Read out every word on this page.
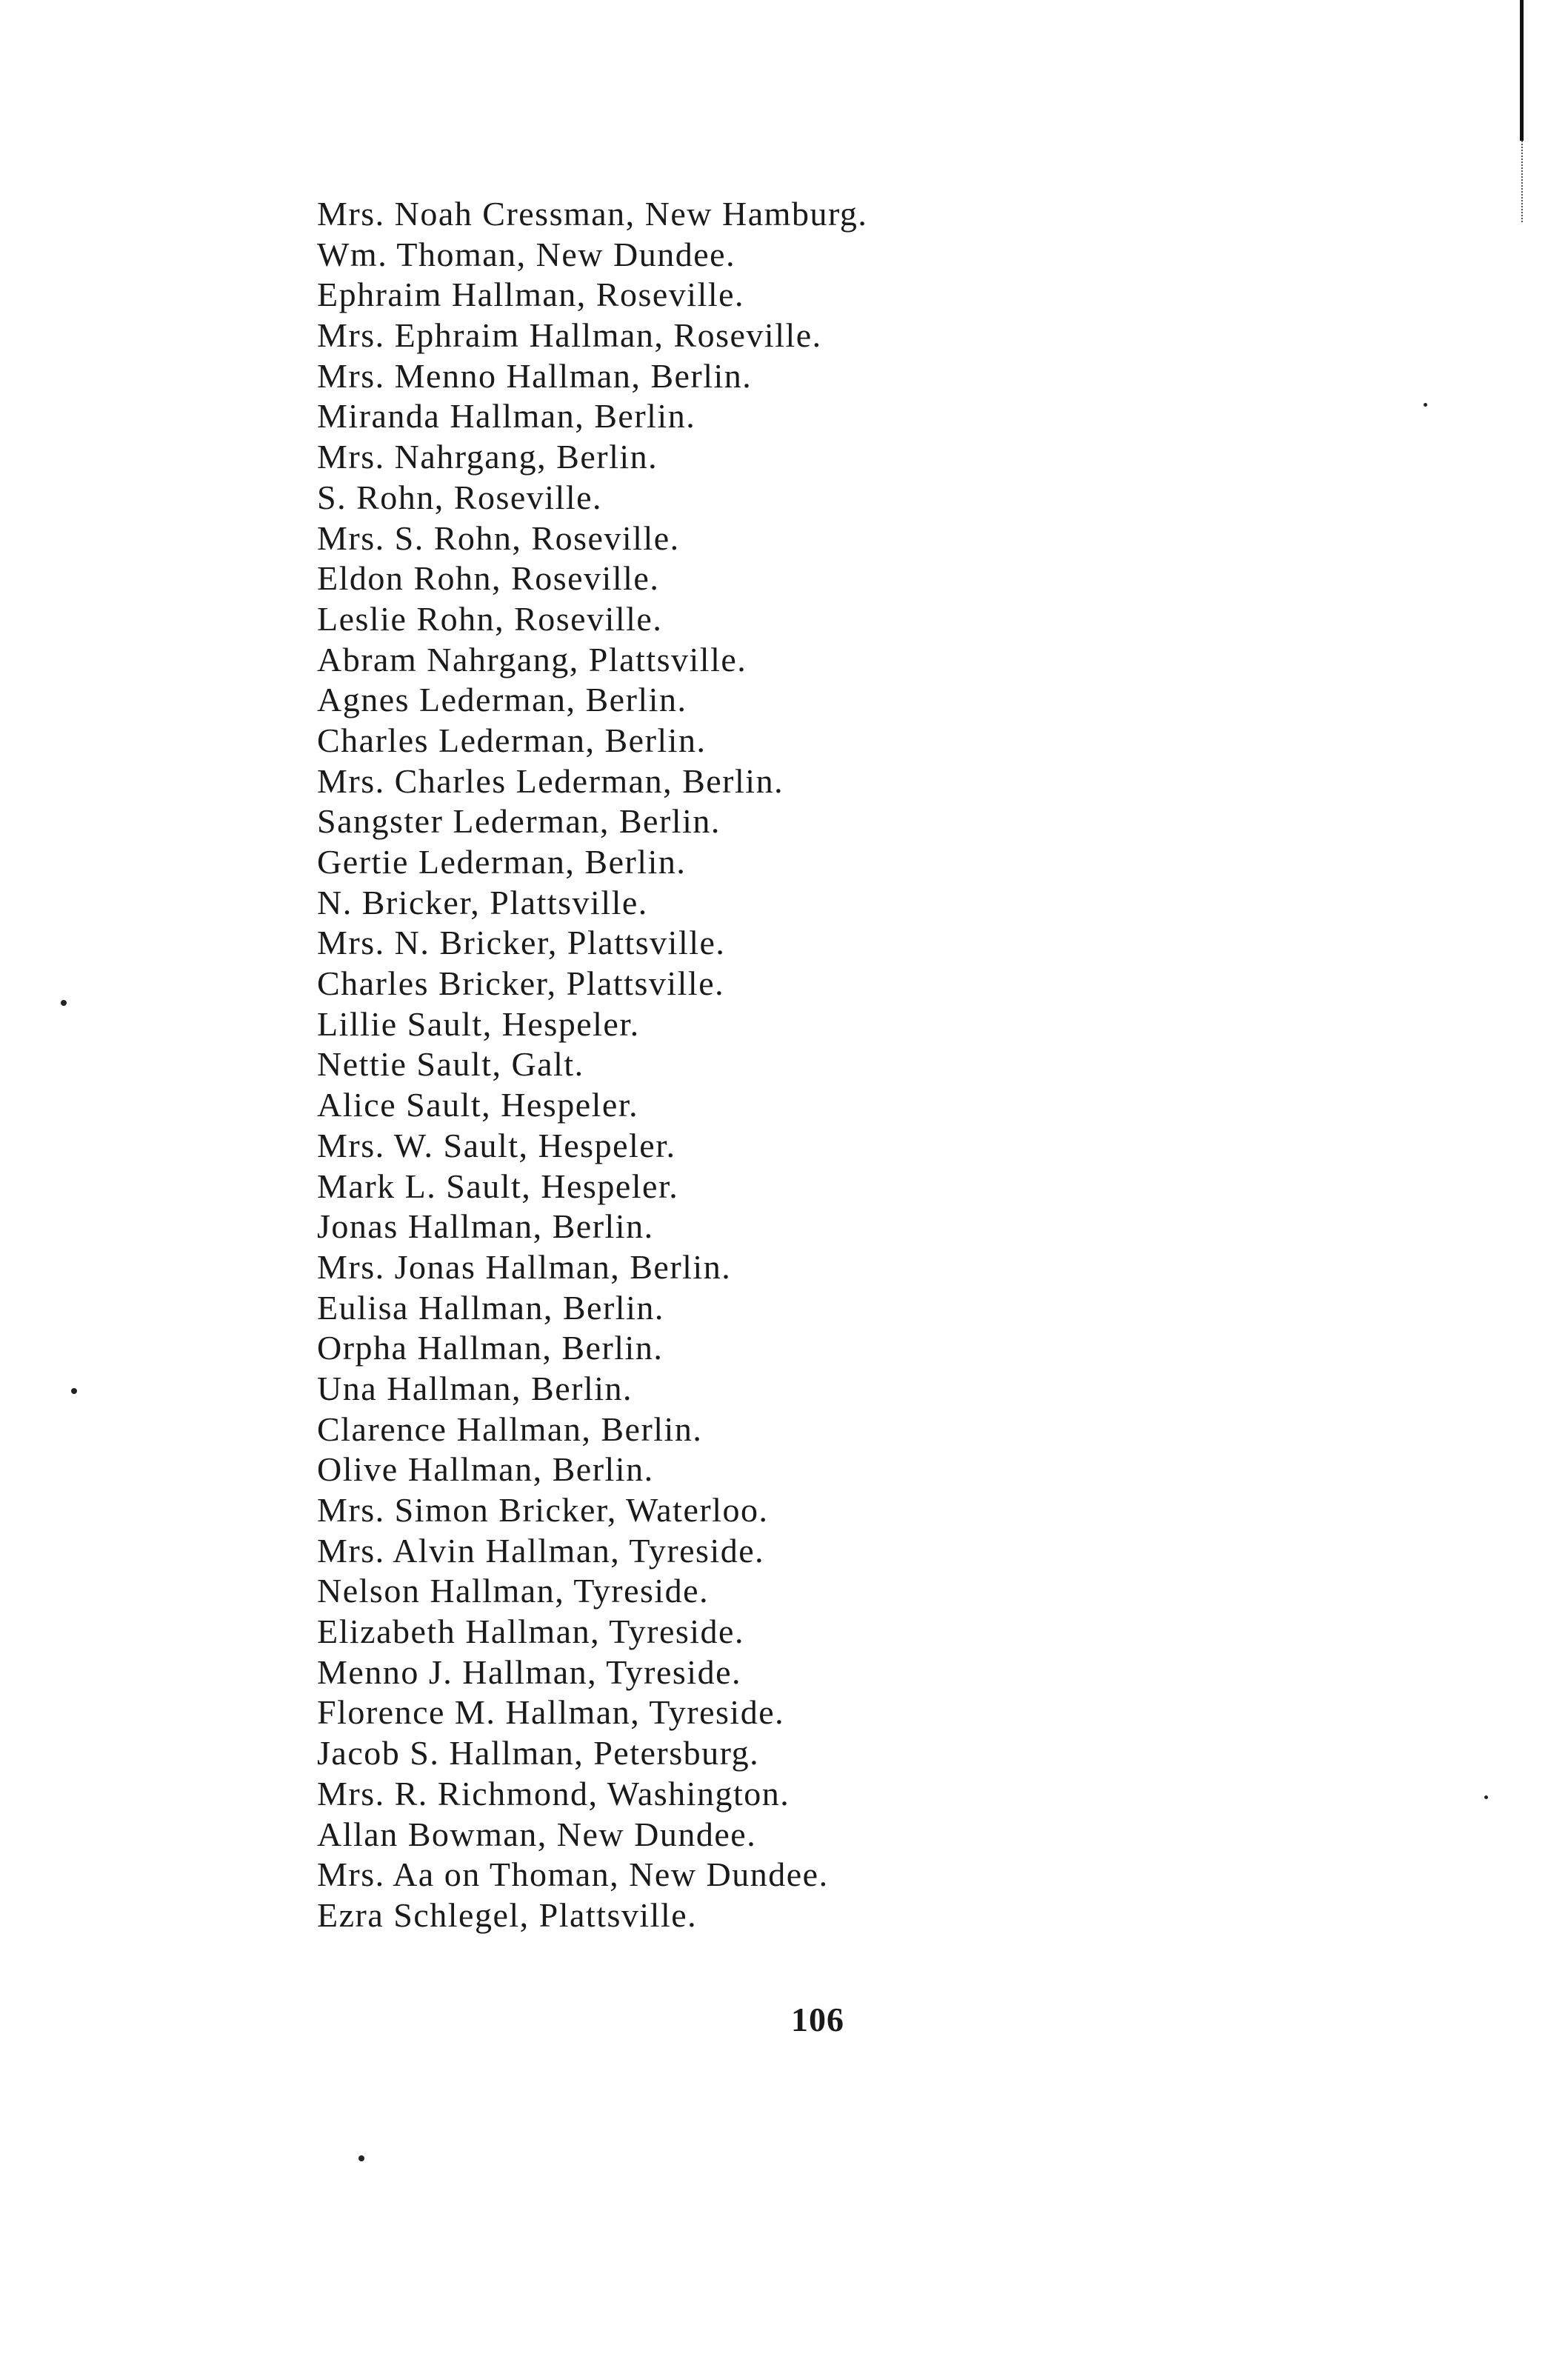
Mrs. Noah Cressman, New Hamburg.
Wm. Thoman, New Dundee.
Ephraim Hallman, Roseville.
Mrs. Ephraim Hallman, Roseville.
Mrs. Menno Hallman, Berlin.
Miranda Hallman, Berlin.
Mrs. Nahrgang, Berlin.
S. Rohn, Roseville.
Mrs. S. Rohn, Roseville.
Eldon Rohn, Roseville.
Leslie Rohn, Roseville.
Abram Nahrgang, Plattsville.
Agnes Lederman, Berlin.
Charles Lederman, Berlin.
Mrs. Charles Lederman, Berlin.
Sangster Lederman, Berlin.
Gertie Lederman, Berlin.
N. Bricker, Plattsville.
Mrs. N. Bricker, Plattsville.
Charles Bricker, Plattsville.
Lillie Sault, Hespeler.
Nettie Sault, Galt.
Alice Sault, Hespeler.
Mrs. W. Sault, Hespeler.
Mark L. Sault, Hespeler.
Jonas Hallman, Berlin.
Mrs. Jonas Hallman, Berlin.
Eulisa Hallman, Berlin.
Orpha Hallman, Berlin.
Una Hallman, Berlin.
Clarence Hallman, Berlin.
Olive Hallman, Berlin.
Mrs. Simon Bricker, Waterloo.
Mrs. Alvin Hallman, Tyreside.
Nelson Hallman, Tyreside.
Elizabeth Hallman, Tyreside.
Menno J. Hallman, Tyreside.
Florence M. Hallman, Tyreside.
Jacob S. Hallman, Petersburg.
Mrs. R. Richmond, Washington.
Allan Bowman, New Dundee.
Mrs. Aa on Thoman, New Dundee.
Ezra Schlegel, Plattsville.
106
